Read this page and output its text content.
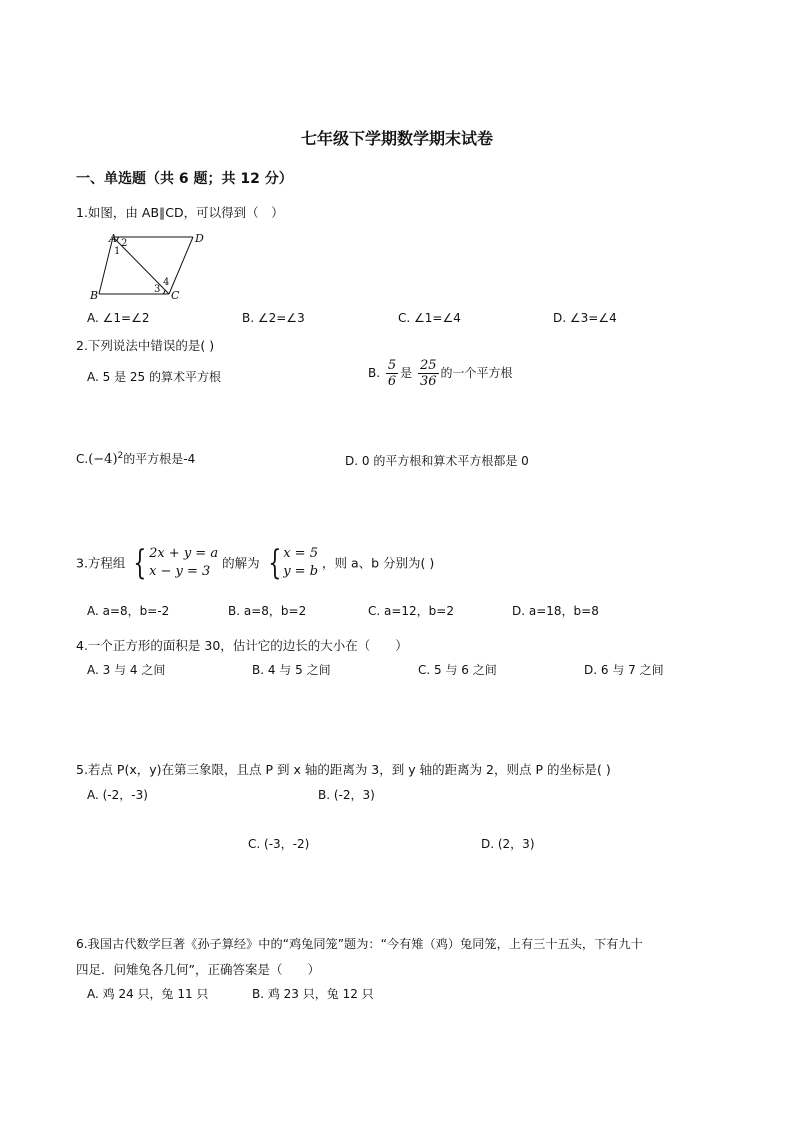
七年级下学期数学期末试卷
一、单选题（共 6 题；共 12 分）
1.如图，由 AB∥CD，可以得到（　）
A	D
B	C
2
1
3
4
A. ∠1=∠2	B. ∠2=∠3	C. ∠1=∠4	D. ∠3=∠4
2.下列说法中错误的是( )
A. 5 是 25 的算术平方根	B. $\frac{5}{6}$ 是 $\frac{25}{36}$ 的一个平方根
$C.(-4)^2$的平方根是-4	D. 0 的平方根和算术平方根都是 0
3.方程组 { 2x + y = a
x − y = 3
的解为 { x = 5
y = b
，则 a、b 分别为( )
A. a=8，b=-2	B. a=8，b=2	C. a=12，b=2	D. a=18，b=8
4.一个正方形的面积是 30，估计它的边长的大小在（　　）
A. 3 与 4 之间	B. 4 与 5 之间	C. 5 与 6 之间	D. 6 与 7 之间
5.若点 P(x，y)在第三象限，且点 P 到 x 轴的距离为 3，到 y 轴的距离为 2，则点 P 的坐标是( )
A. (-2，-3)	B. (-2，3)
C. (-3，-2)	D. (2，3)
6.我国古代数学巨著《孙子算经》中的“鸡兔同笼”题为：“今有雉（鸡）兔同笼，上有三十五头，下有九十
四足．问雉兔各几何”，正确答案是（　　）
A. 鸡 24 只，兔 11 只	B. 鸡 23 只，兔 12 只
